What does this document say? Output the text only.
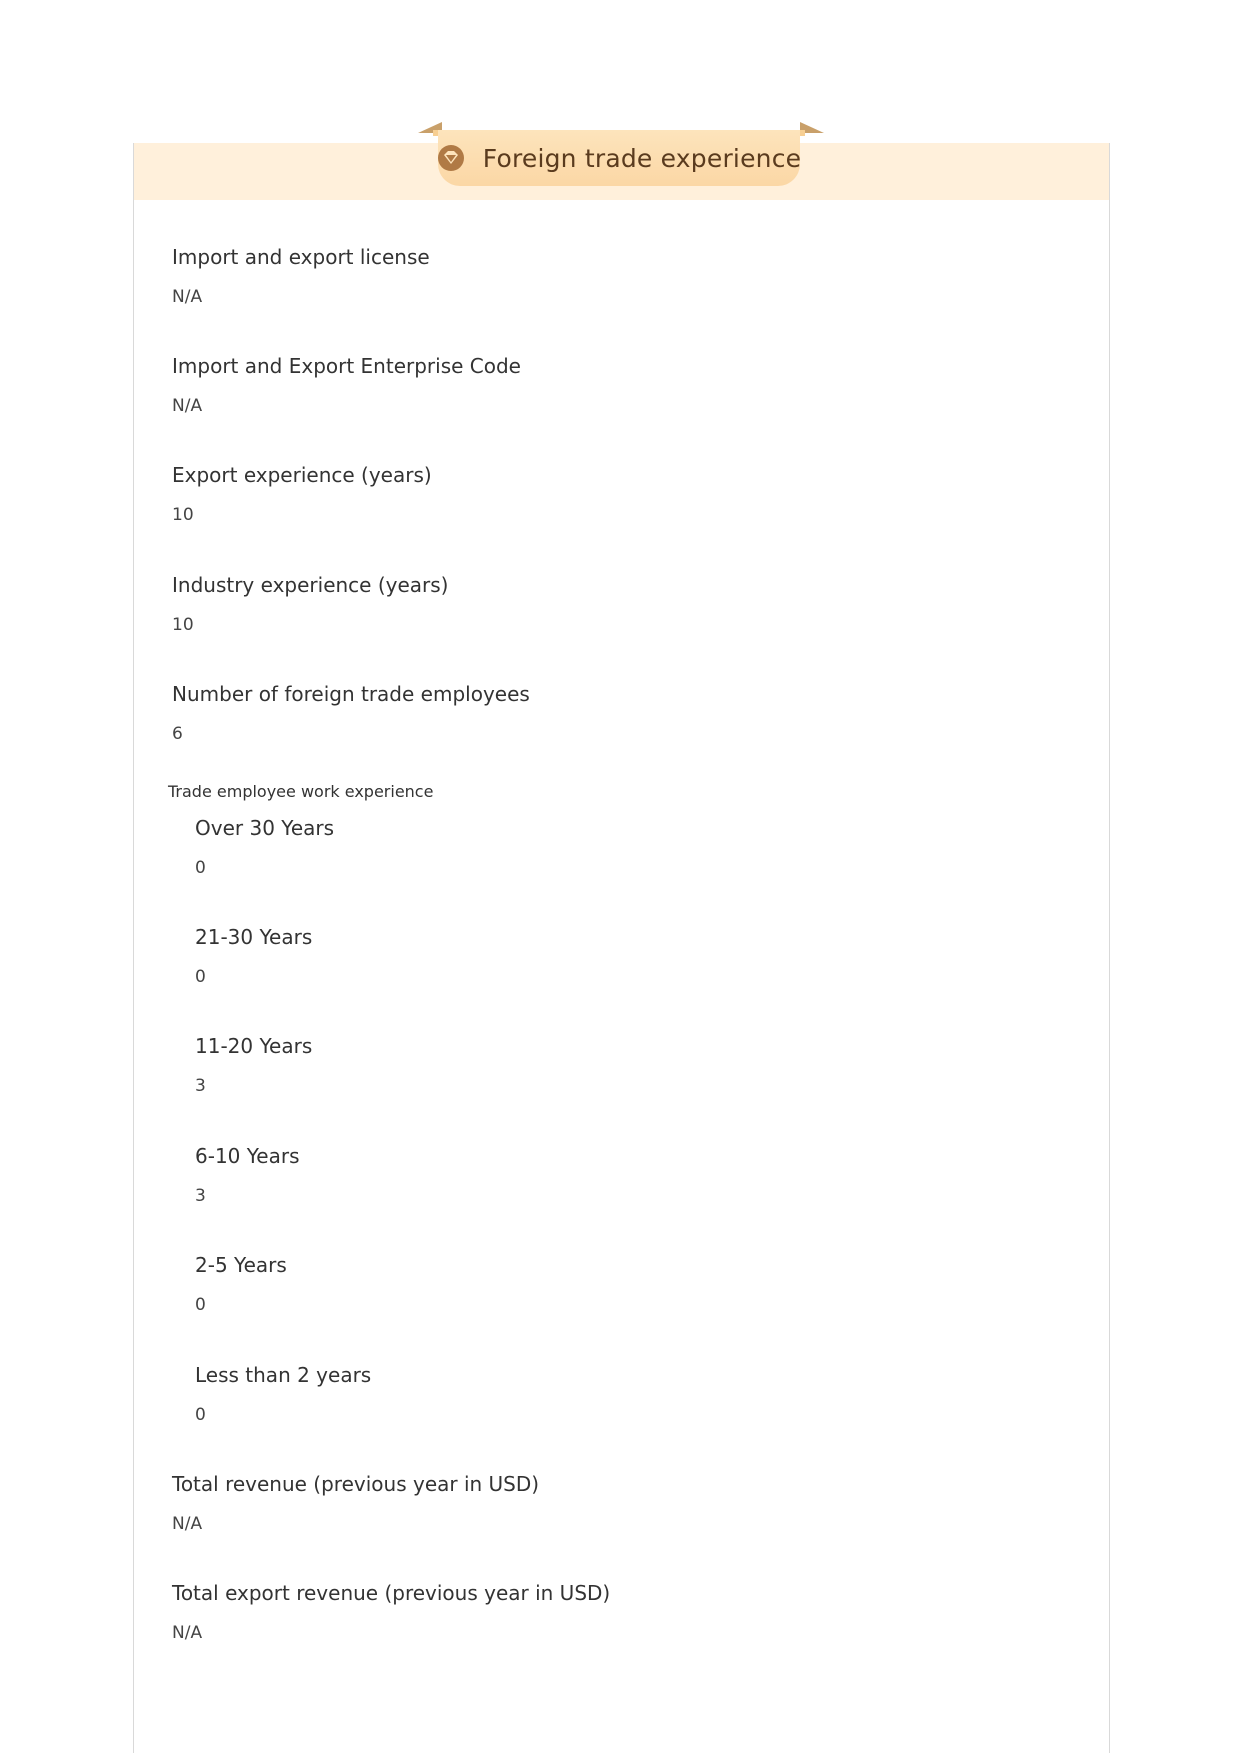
Foreign trade experience
Import and export license
N/A
Import and Export Enterprise Code
N/A
Export experience (years)
10
Industry experience (years)
10
Number of foreign trade employees
6
Trade employee work experience
Over 30 Years
0
21-30 Years
0
11-20 Years
3
6-10 Years
3
2-5 Years
0
Less than 2 years
0
Total revenue (previous year in USD)
N/A
Total export revenue (previous year in USD)
N/A
